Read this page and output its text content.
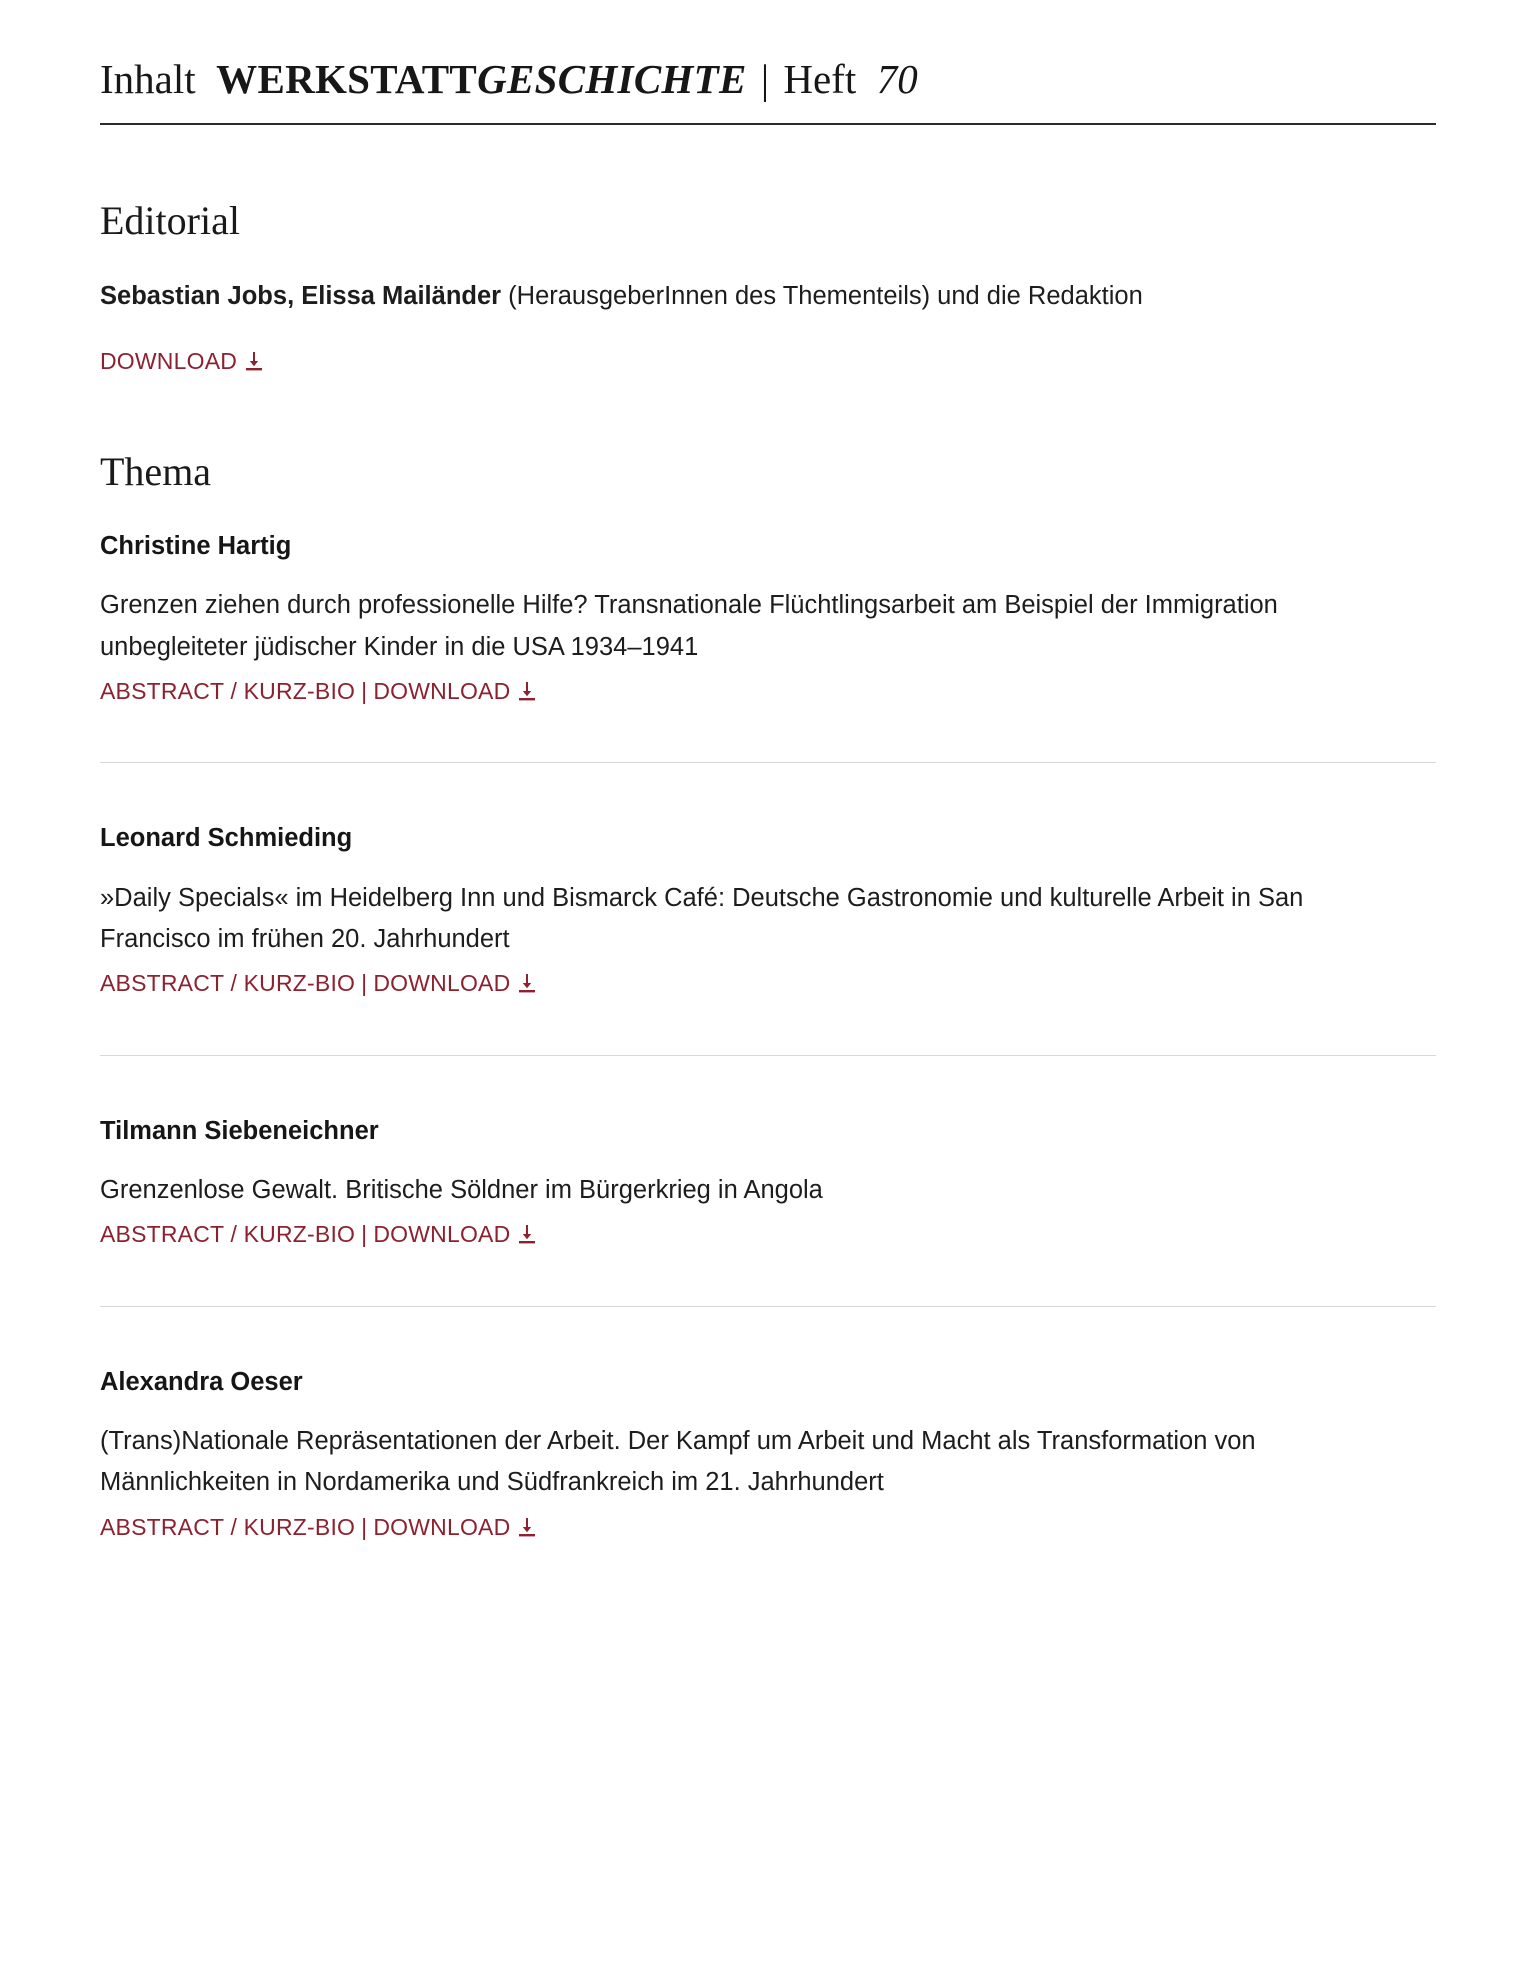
Inhalt WERKSTATTGESCHICHTE | Heft 70
Editorial

Sebastian Jobs, Elissa Mailänder (HerausgeberInnen des Thementeils) und die Redaktion

DOWNLOAD

Thema

Christine Hartig

Grenzen ziehen durch professionelle Hilfe? Transnationale Flüchtlingsarbeit am Beispiel der Immigration unbegleiteter jüdischer Kinder in die USA 1934–1941

ABSTRACT / KURZ-BIO | DOWNLOAD

Leonard Schmieding

»Daily Specials« im Heidelberg Inn und Bismarck Café: Deutsche Gastronomie und kulturelle Arbeit in San Francisco im frühen 20. Jahrhundert

ABSTRACT / KURZ-BIO | DOWNLOAD

Tilmann Siebeneichner

Grenzenlose Gewalt. Britische Söldner im Bürgerkrieg in Angola

ABSTRACT / KURZ-BIO | DOWNLOAD

Alexandra Oeser

(Trans)Nationale Repräsentationen der Arbeit. Der Kampf um Arbeit und Macht als Transformation von Männlichkeiten in Nordamerika und Südfrankreich im 21. Jahrhundert

ABSTRACT / KURZ-BIO | DOWNLOAD
